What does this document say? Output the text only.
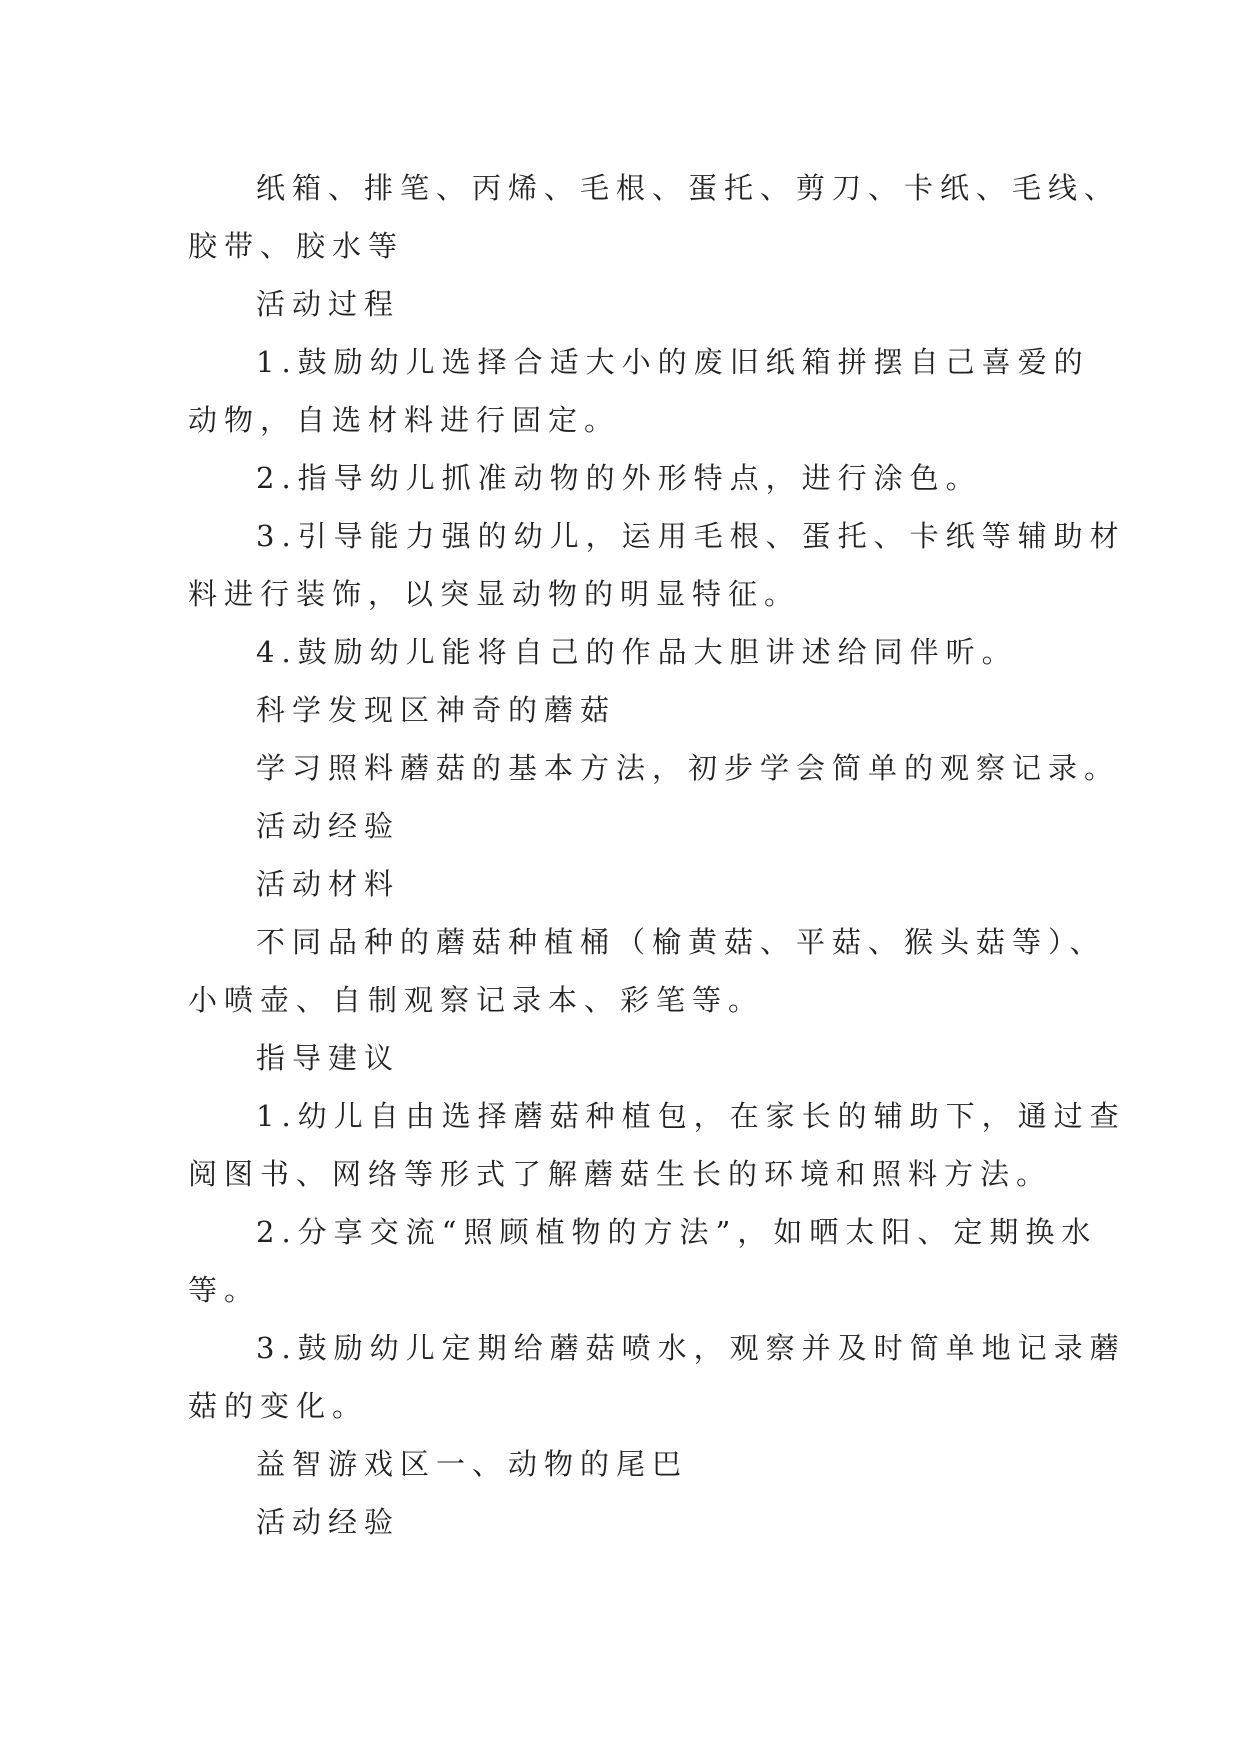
纸箱、排笔、丙烯、毛根、蛋托、剪刀、卡纸、毛线、
胶带、胶水等
活动过程
1.鼓励幼儿选择合适大小的废旧纸箱拼摆自己喜爱的
动物，自选材料进行固定。
2.指导幼儿抓准动物的外形特点，进行涂色。
3.引导能力强的幼儿，运用毛根、蛋托、卡纸等辅助材
料进行装饰，以突显动物的明显特征。
4.鼓励幼儿能将自己的作品大胆讲述给同伴听。
科学发现区神奇的蘑菇
学习照料蘑菇的基本方法，初步学会简单的观察记录。
活动经验
活动材料
不同品种的蘑菇种植桶（榆黄菇、平菇、猴头菇等）、
小喷壶、自制观察记录本、彩笔等。
指导建议
1.幼儿自由选择蘑菇种植包，在家长的辅助下，通过查
阅图书、网络等形式了解蘑菇生长的环境和照料方法。
2.分享交流“照顾植物的方法”，如晒太阳、定期换水
等。
3.鼓励幼儿定期给蘑菇喷水，观察并及时简单地记录蘑
菇的变化。
益智游戏区一、动物的尾巴
活动经验
